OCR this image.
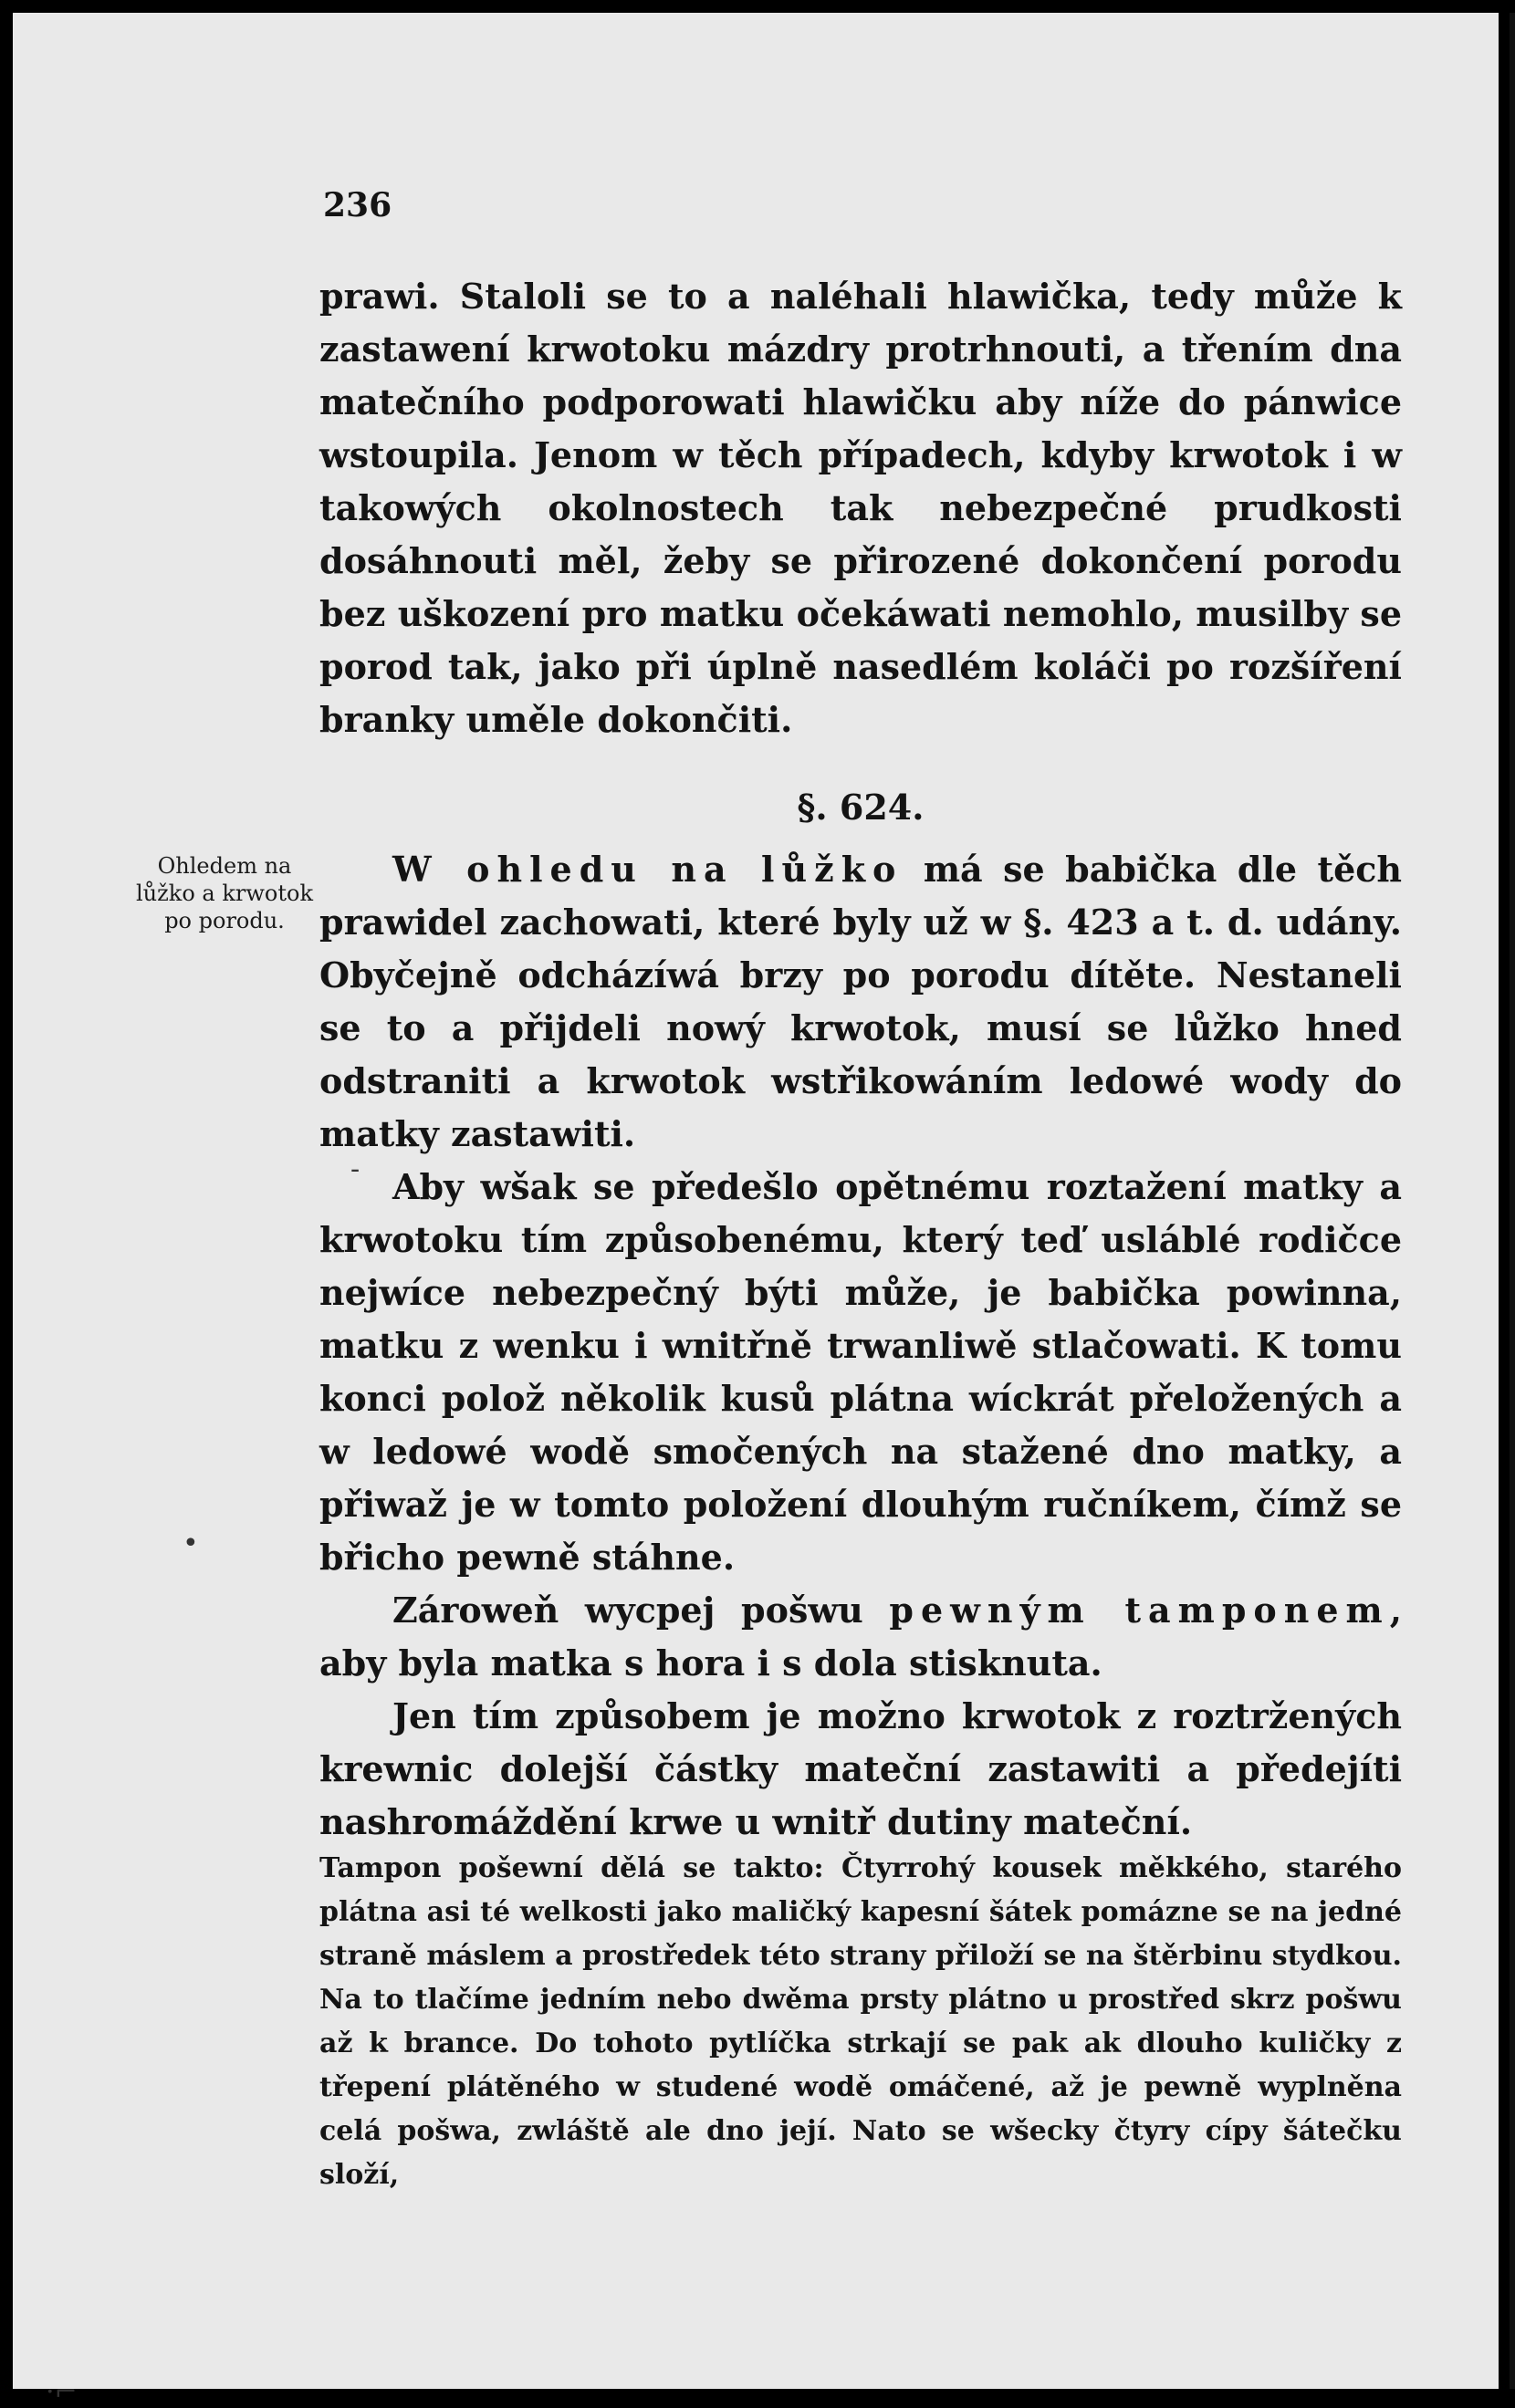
236

prawi. Staloli se to a naléhali hlawička, tedy může k zastawení krwotoku mázdry protrhnouti, a třením dna matečního podporowati hlawičku aby níže do pánwice wstoupila. Jenom w těch případech, kdyby krwotok i w takowých okolnostech tak nebezpečné prudkosti dosáhnouti měl, žeby se přirozené dokončení porodu bez uškození pro matku očekáwati nemohlo, musilby se porod tak, jako při úplně nasedlém koláči po rozšíření branky uměle dokončiti.

§. 624.
Ohledem na lůžko a krwotok po porodu.

W ohledu na lůžko má se babička dle těch prawidel zachowati, které byly už w §. 423 a t. d. udány. Obyčejně odcházíwá brzy po porodu dítěte. Nestaneli se to a přijdeli nowý krwotok, musí se lůžko hned odstraniti a krwotok wstřikowáním ledowé wody do matky zastawiti.

Aby wšak se předešlo opětnému roztažení matky a krwotoku tím způsobenému, který teď usláblé rodičce nejwíce nebezpečný býti může, je babička powinna, matku z wenku i wnitřně trwanliwě stlačowati. K tomu konci polož několik kusů plátna wíckrát přeložených a w ledowé wodě smočených na stažené dno matky, a přiwaž je w tomto položení dlouhým ručníkem, čímž se břicho pewně stáhne.

Zároweň wycpej pošwu pewným tamponem, aby byla matka s hora i s dola stisknuta.

Jen tím způsobem je možno krwotok z roztržených krewnic dolejší částky mateční zastawiti a předejíti nashromáždění krwe u wnitř dutiny mateční.

Tampon pošewní dělá se takto: Čtyrrohý kousek měkkého, starého plátna asi té welkosti jako maličký kapesní šátek pomázne se na jedné straně máslem a prostředek této strany přiloží se na štěrbinu stydkou. Na to tlačíme jedním nebo dwěma prsty plátno u prostřed skrz pošwu až k brance. Do tohoto pytlíčka strkají se pak ak dlouho kuličky z třepení plátěného w studené wodě omáčené, až je pewně wyplněna celá pošwa, zwláště ale dno její. Nato se wšecky čtyry cípy šátečku složí,
•
-
·⌐
